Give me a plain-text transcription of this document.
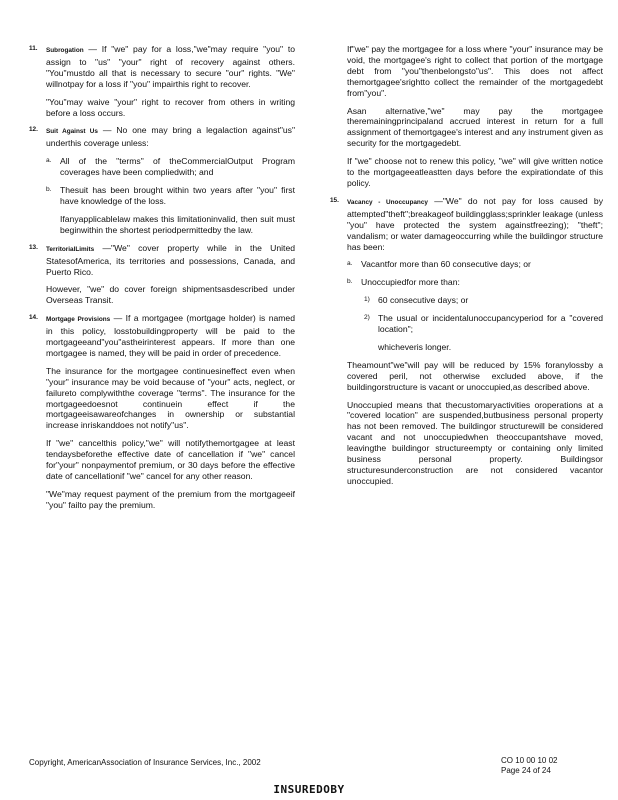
11. Subrogation — If "we" pay for a loss,"we"may require "you" to assign to "us" "your" right of recovery against others. "You"mustdo all that is necessary to secure "our" rights. "We" willnotpay for a loss if "you" impairthis right to recover.

"You"may waive "your" right to recover from others in writing before a loss occurs.

12. Suit Against Us — No one may bring a legalaction against"us" underthis coverage unless:

a. All of the "terms" of theCommercialOutput Program coverages have been compliedwith; and
b. Thesuit has been brought within two years after "you" first have knowledge of the loss.

Ifanyapplicablelaw makes this limitationinvalid, then suit must beginwithin the shortest periodpermittedby the law.

13. TerritorialLimits —"We" cover property while in the United StatesofAmerica, its territories and possessions, Canada, and Puerto Rico.

However, "we" do cover foreign shipmentsasdescribed under Overseas Transit.

14. Mortgage Provisions — If a mortgagee (mortgage holder) is named in this policy, losstobuildingproperty will be paid to the mortgageeand"you"astheirinterest appears. If more than one mortgagee is named, they will be paid in order of precedence.

The insurance for the mortgagee continuesineffect even when "your" insurance may be void because of "your" acts, neglect, or failureto complywiththe coverage "terms". The insurance for the mortgageedoesnot continuein effect if the mortgageeisawareofchanges in ownership or substantial increase inriskanddoes not notify"us".

If "we" cancelthis policy,"we" will notifythemortgagee at least tendaysbeforethe effective date of cancellation if "we" cancel for"your" nonpaymentof premium, or 30 days before the effective date of cancellationif "we" cancel for any other reason.

"We"may request payment of the premium from the mortgageeif "you" failto pay the premium.

If"we" pay the mortgagee for a loss where "your" insurance may be void, the mortgagee's right to collect that portion of the mortgage debt from "you"thenbelongsto"us". This does not affect themortgagee'srightto collect the remainder of the mortgagedebt from"you".

Asan alternative,"we" may pay the mortgagee theremainingprincipaland accrued interest in return for a full assignment of themortgagee's interest and any instrument given as security for the mortgagedebt.

If "we" choose not to renew this policy, "we" will give written notice to the mortgageeatleastten days before the expirationdate of this policy.

15. Vacancy - Unoccupancy —"We" do not pay for loss caused by attempted"theft";breakageof buildingglass;sprinkler leakage (unless "you" have protected the system againstfreezing); "theft"; vandalism; or water damageoccurring while the buildingor structure has been:

a. Vacantfor more than 60 consecutive days; or
b. Unoccupiedfor more than:
1) 60 consecutive days; or
2) The usual or incidentalunoccupancyperiod for a "covered location";

whicheveris longer.

Theamount"we"will pay will be reduced by 15% foranylossby a covered peril, not otherwise excluded above, if the buildingorstructure is vacant or unoccupied,as described above.

Unoccupied means that thecustomaryactivities oroperations at a "covered location" are suspended,butbusiness personal property has not been removed. The buildingor structurewill be considered vacant and not unoccupiedwhen theoccupantshave moved, leavingthe buildingor structureempty or containing only limited business personal property. Buildingsor structuresunderconstruction are not considered vacantor unoccupied.

Copyright, AmericanAssociation of Insurance Services, Inc., 2002	CO 10 00 10 02
Page 24 of 24
INSUREDOBY
